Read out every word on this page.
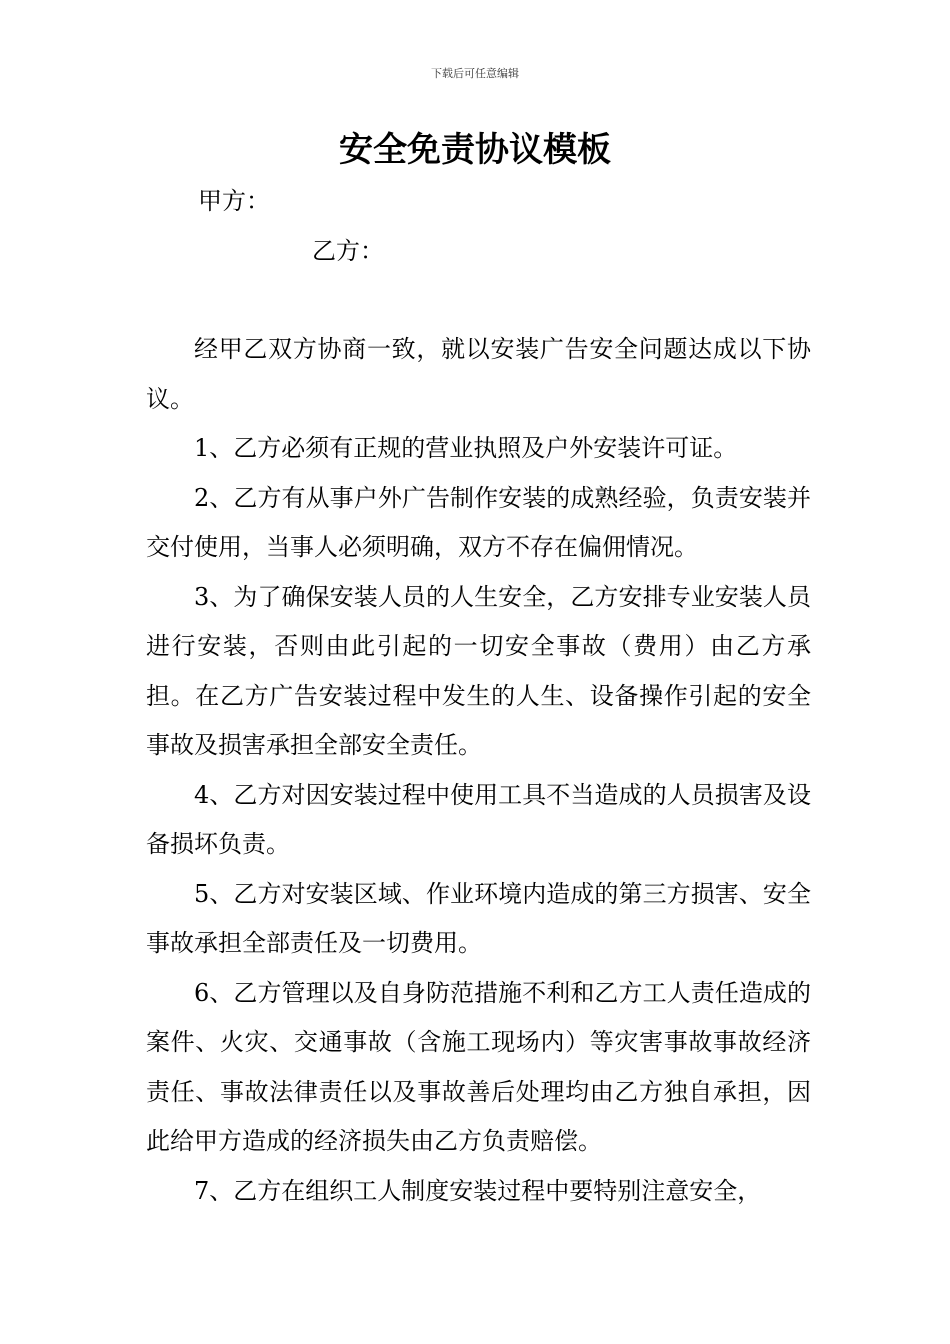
下载后可任意编辑
安全免责协议模板
甲方：
乙方：

经甲乙双方协商一致，就以安装广告安全问题达成以下协议。

1、乙方必须有正规的营业执照及户外安装许可证。

2、乙方有从事户外广告制作安装的成熟经验，负责安装并交付使用，当事人必须明确，双方不存在偏佣情况。

3、为了确保安装人员的人生安全，乙方安排专业安装人员进行安装，否则由此引起的一切安全事故（费用）由乙方承担。在乙方广告安装过程中发生的人生、设备操作引起的安全事故及损害承担全部安全责任。

4、乙方对因安装过程中使用工具不当造成的人员损害及设备损坏负责。

5、乙方对安装区域、作业环境内造成的第三方损害、安全事故承担全部责任及一切费用。

6、乙方管理以及自身防范措施不利和乙方工人责任造成的案件、火灾、交通事故（含施工现场内）等灾害事故事故经济责任、事故法律责任以及事故善后处理均由乙方独自承担，因此给甲方造成的经济损失由乙方负责赔偿。

7、乙方在组织工人制度安装过程中要特别注意安全，
